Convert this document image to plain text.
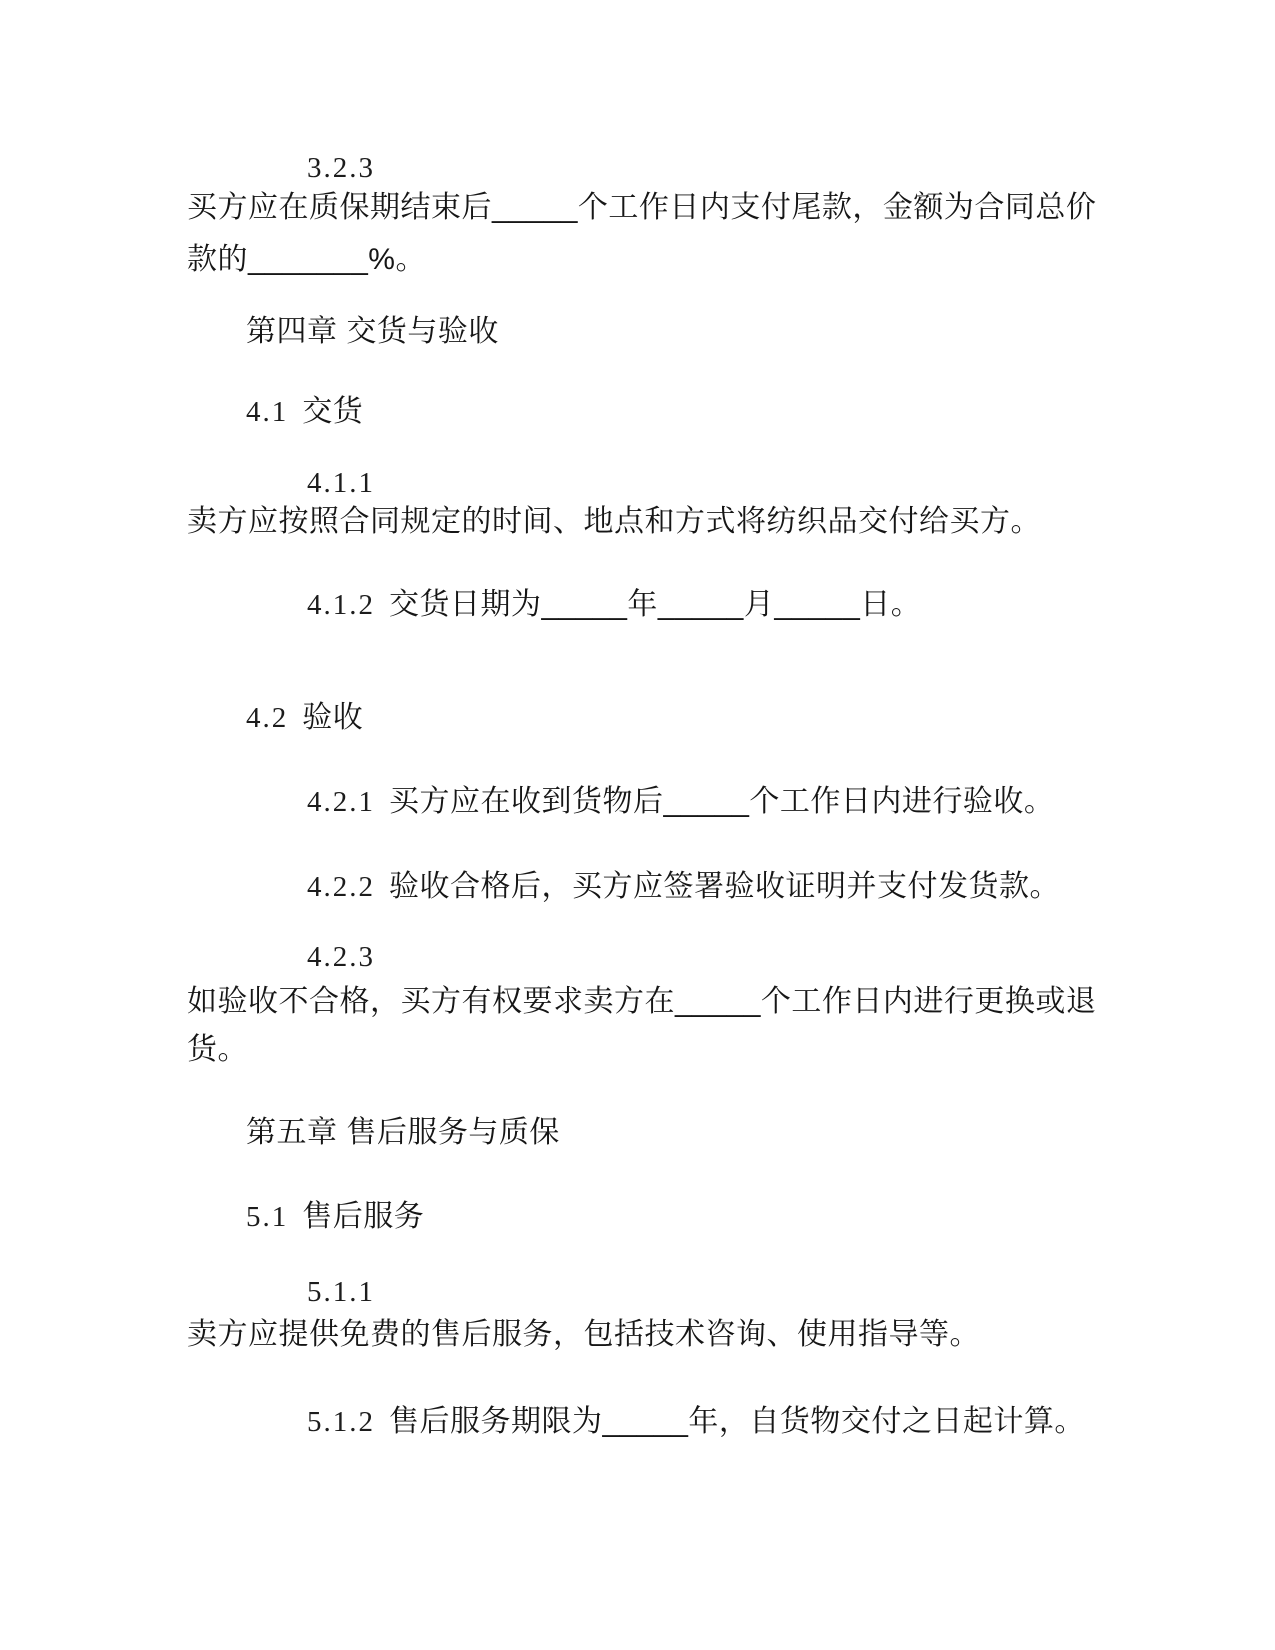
3.2.3
买方应在质保期结束后_____个工作日内支付尾款，金额为合同总价
款的_______%。
第四章 交货与验收
4.1 交货
4.1.1
卖方应按照合同规定的时间、地点和方式将纺织品交付给买方。
4.1.2 交货日期为_____年_____月_____日。
4.2 验收
4.2.1 买方应在收到货物后_____个工作日内进行验收。
4.2.2 验收合格后，买方应签署验收证明并支付发货款。
4.2.3
如验收不合格，买方有权要求卖方在_____个工作日内进行更换或退
货。
第五章 售后服务与质保
5.1 售后服务
5.1.1
卖方应提供免费的售后服务，包括技术咨询、使用指导等。
5.1.2 售后服务期限为_____年，自货物交付之日起计算。
